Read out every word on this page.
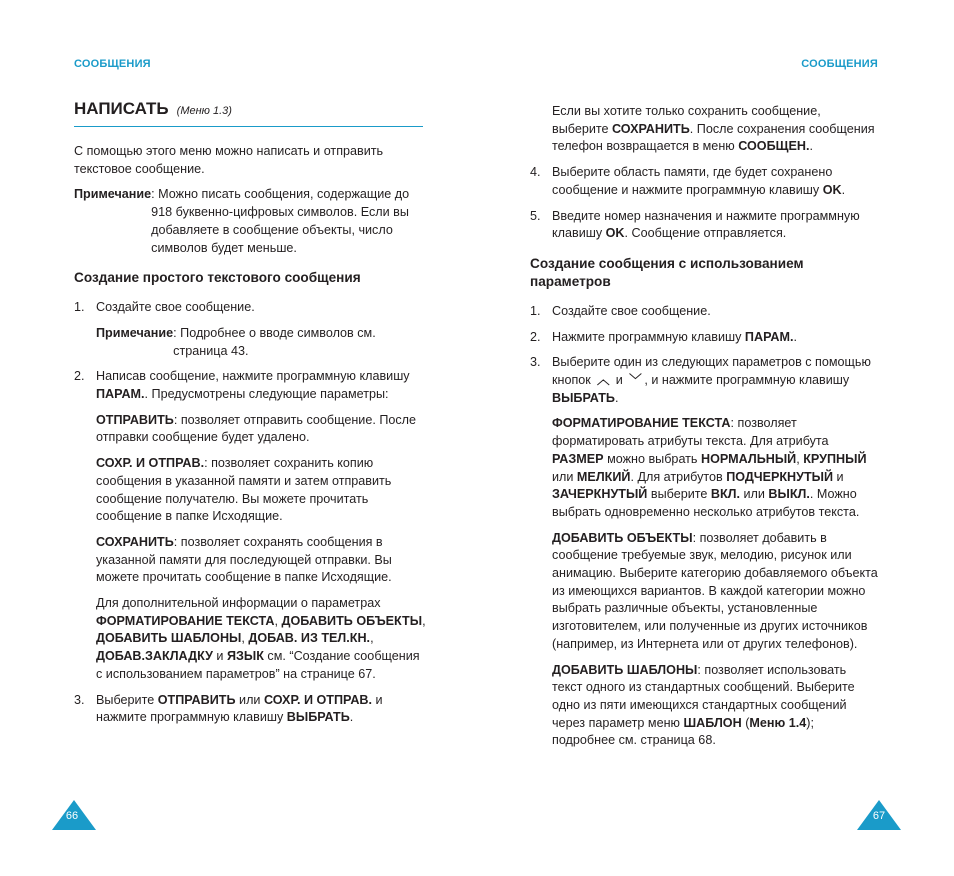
СООБЩЕНИЯ
НАПИСАТЬ (Меню 1.3)

С помощью этого меню можно написать и отправить текстовое сообщение.

Примечание : Можно писать сообщения, содержащие до 918 буквенно-цифровых символов. Если вы добавляете в сообщение объекты, число символов будет меньше.
Создание простого текстового сообщения
1. Создайте свое сообщение.
Примечание : Подробнее о вводе символов см. страница 43.
2. Написав сообщение, нажмите программную клавишу ПАРАМ.. Предусмотрены следующие параметры:

ОТПРАВИТЬ: позволяет отправить сообщение. После отправки сообщение будет удалено.

СОХР. И ОТПРАВ.: позволяет сохранить копию сообщения в указанной памяти и затем отправить сообщение получателю. Вы можете прочитать сообщение в папке Исходящие.

СОХРАНИТЬ: позволяет сохранять сообщения в указанной памяти для последующей отправки. Вы можете прочитать сообщение в папке Исходящие.

Для дополнительной информации о параметрах ФОРМАТИРОВАНИЕ ТЕКСТА, ДОБАВИТЬ ОБЪЕКТЫ, ДОБАВИТЬ ШАБЛОНЫ, ДОБАВ. ИЗ ТЕЛ.КН., ДОБАВ.ЗАКЛАДКУ и ЯЗЫК см. “Создание сообщения с использованием параметров” на странице 67.

3. Выберите ОТПРАВИТЬ или СОХР. И ОТПРАВ. и нажмите программную клавишу ВЫБРАТЬ.
66
СООБЩЕНИЯ

Если вы хотите только сохранить сообщение, выберите СОХРАНИТЬ. После сохранения сообщения телефон возвращается в меню СООБЩЕН..

4. Выберите область памяти, где будет сохранено сообщение и нажмите программную клавишу OK.
5. Введите номер назначения и нажмите программную клавишу OK. Сообщение отправляется.
Создание сообщения с использованием параметров
1. Создайте свое сообщение.
2. Нажмите программную клавишу ПАРАМ..
3. Выберите один из следующих параметров с помощью кнопок ︿ и ﹀ , и нажмите программную клавишу ВЫБРАТЬ.

ФОРМАТИРОВАНИЕ ТЕКСТА: позволяет форматировать атрибуты текста. Для атрибута РАЗМЕР можно выбрать НОРМАЛЬНЫЙ, КРУПНЫЙ или МЕЛКИЙ. Для атрибутов ПОДЧЕРКНУТЫЙ и ЗАЧЕРКНУТЫЙ выберите ВКЛ. или ВЫКЛ.. Можно выбрать одновременно несколько атрибутов текста.

ДОБАВИТЬ ОБЪЕКТЫ: позволяет добавить в сообщение требуемые звук, мелодию, рисунок или анимацию. Выберите категорию добавляемого объекта из имеющихся вариантов. В каждой категории можно выбрать различные объекты, установленные изготовителем, или полученные из других источников (например, из Интернета или от других телефонов).

ДОБАВИТЬ ШАБЛОНЫ: позволяет использовать текст одного из стандартных сообщений. Выберите одно из пяти имеющихся стандартных сообщений через параметр меню ШАБЛОН (Меню 1.4); подробнее см. страница 68.

67
